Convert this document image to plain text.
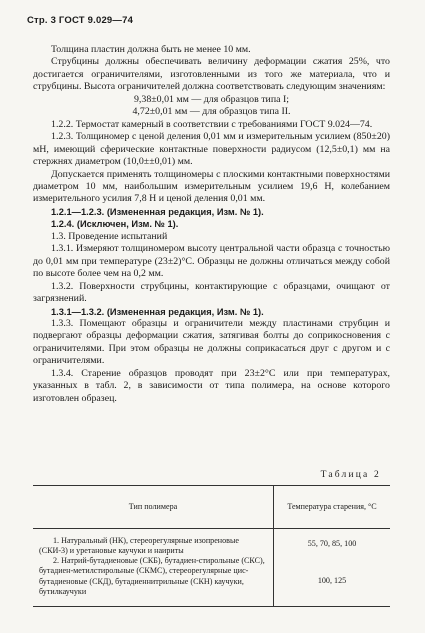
Стр. 3 ГОСТ 9.029—74

Толщина пластин должна быть не менее 10 мм.

Струбцины должны обеспечивать величину деформации сжатия 25%, что достигается ограничителями, изготовленными из того же материала, что и струбцины. Высота ограничителей должна соответствовать следующим значениям:

9,38±0,01 мм — для образцов типа I;

4,72±0,01 мм — для образцов типа II.

1.2.2. Термостат камерный в соответствии с требованиями ГОСТ 9.024—74.

1.2.3. Толщиномер с ценой деления 0,01 мм и измерительным усилием (850±20) мН, имеющий сферические контактные поверхности радиусом (12,5±0,1) мм на стержнях диаметром (10,0±±0,01) мм.

Допускается применять толщиномеры с плоскими контактными поверхностями диаметром 10 мм, наибольшим измерительным усилием 19,6 Н, колебанием измерительного усилия 7,8 Н и ценой деления 0,01 мм.

1.2.1—1.2.3. (Измененная редакция, Изм. № 1).

1.2.4. (Исключен, Изм. № 1).

1.3. Проведение испытаний

1.3.1. Измеряют толщиномером высоту центральной части образца с точностью до 0,01 мм при температуре (23±2)°С. Образцы не должны отличаться между собой по высоте более чем на 0,2 мм.

1.3.2. Поверхности струбцины, контактирующие с образцами, очищают от загрязнений.

1.3.1—1.3.2. (Измененная редакция, Изм. № 1).

1.3.3. Помещают образцы и ограничители между пластинами струбцин и подвергают образцы деформации сжатия, затягивая болты до соприкосновения с ограничителями. При этом образцы не должны соприкасаться друг с другом и с ограничителями.

1.3.4. Старение образцов проводят при 23±2°С или при температурах, указанных в табл. 2, в зависимости от типа полимера, на основе которого изготовлен образец.

Таблица 2
Тип полимера	Температура старения, °С
1. Натуральный (НК), стереорегулярные изопреновые (СКИ-3) и уретановые каучуки и наириты
55, 70, 85, 100
2. Натрий-бутадиеновые (СКБ), бутадиен-стирольные (СКС), бутадиен-метилстирольные (СКМС), стереорегулярные цис-бутадиеновые (СКД), бутадиеннитрильные (СКН) каучуки, бутилкаучуки
100, 125
